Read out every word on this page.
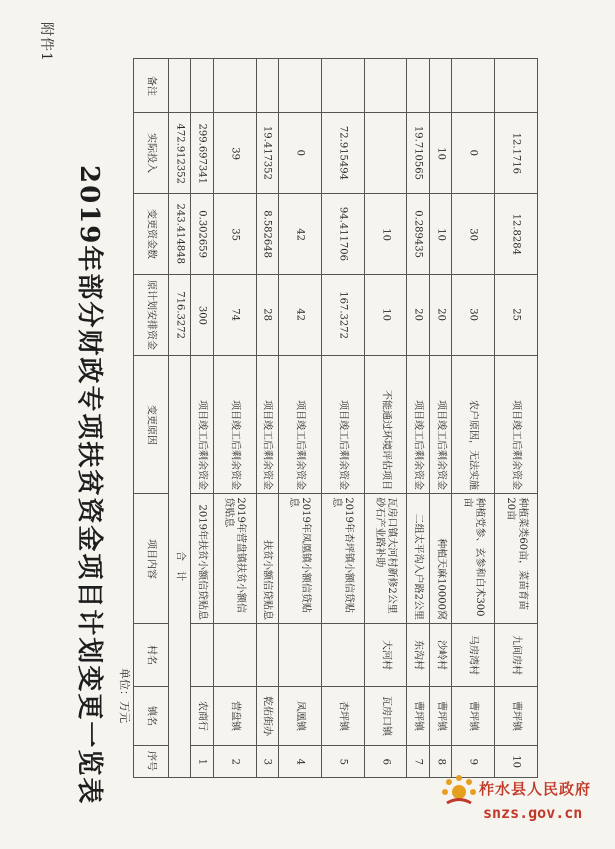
附件1
2019年部分财政专项扶贫资金项目计划变更一览表	单位：万元
序号	镇名	村名	项目内容	变更原因	原计划安排资金	变更资金数	实际投入	备注
合　计					716.3272	243.414848	472.912352	
1	农商行		2019年扶贫小额信贷贴息	项目竣工后剩余资金	300	0.302659	299.697341	
2	营盘镇		2019年营盘镇扶贫小额信贷贴息	项目竣工后剩余资金	74	35	39	
3	乾佑街办		扶贫小额信贷贴息	项目竣工后剩余资金	28	8.582648	19.417352	
4	凤凰镇		2019年凤凰镇小额信贷贴息	项目竣工后剩余资金	42	42	0	
5	杏坪镇		2019年杏坪镇小额信贷贴息	项目竣工后剩余资金	167.3272	94.411706	72.915494	
6	瓦房口镇	大河村	瓦房口镇大河村新修2公里砂石产业路补助	不能通过环境评估项目	10	10		
7	曹坪镇	东沟村	二组太平沟入户路2公里	项目竣工后剩余资金	20	0.289435	19.710565	
8	曹坪镇	沙岭村	种植天麻10000窝	项目竣工后剩余资金	20	10	10	
9	曹坪镇	马房湾村	种植党参、玄参和白术300亩	农户原因，无法实施	30	30	0	
10	曹坪镇	九间房村	种植菜类60亩，菜苗育苗20亩	项目竣工后剩余资金	25	12.8284	12.1716	
柞水县人民政府
snzs.gov.cn
